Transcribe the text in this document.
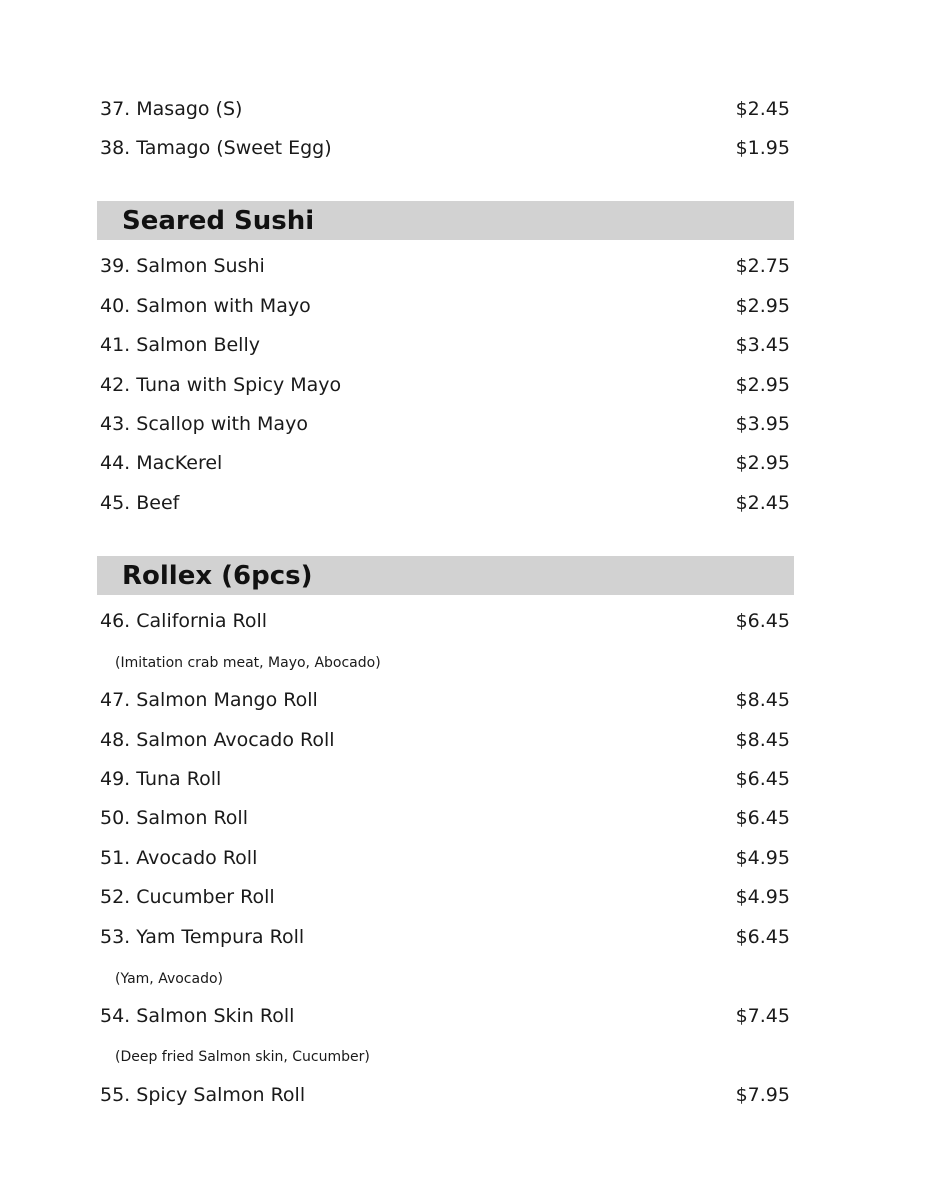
37. Masago (S)	$2.45
38. Tamago (Sweet Egg)	$1.95
Seared Sushi
39. Salmon Sushi	$2.75
40. Salmon with Mayo	$2.95
41. Salmon Belly	$3.45
42. Tuna with Spicy Mayo	$2.95
43. Scallop with Mayo	$3.95
44. MacKerel	$2.95
45. Beef	$2.45
Rollex (6pcs)
46. California Roll	$6.45
(Imitation crab meat, Mayo, Abocado)
47. Salmon Mango Roll	$8.45
48. Salmon Avocado Roll	$8.45
49. Tuna Roll	$6.45
50. Salmon Roll	$6.45
51. Avocado Roll	$4.95
52. Cucumber Roll	$4.95
53. Yam Tempura Roll	$6.45
(Yam, Avocado)
54. Salmon Skin Roll	$7.45
(Deep fried Salmon skin, Cucumber)
55. Spicy Salmon Roll	$7.95
